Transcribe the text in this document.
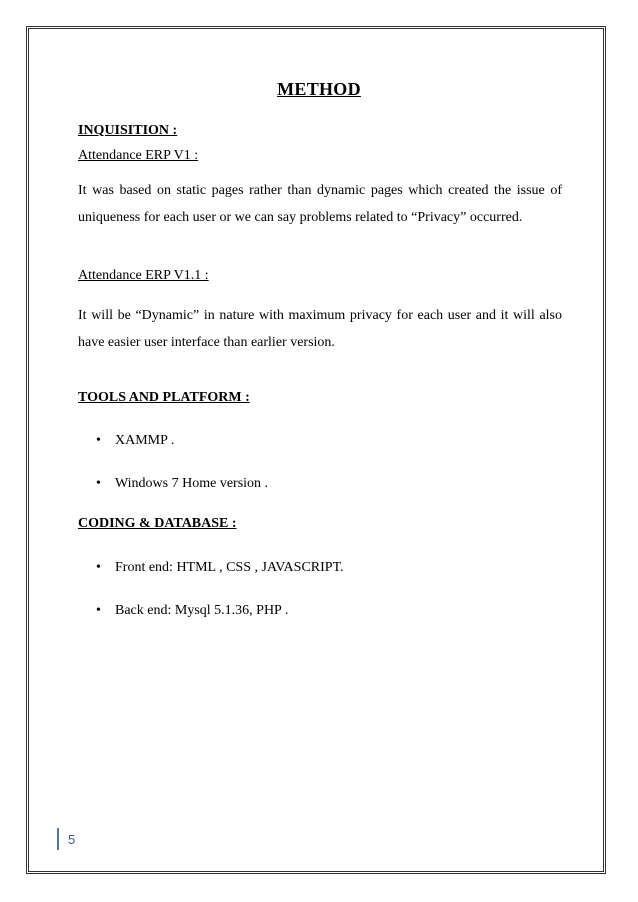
METHOD
INQUISITION :
Attendance ERP V1 :
It was based on static pages rather than dynamic pages which created the issue of uniqueness for each user or we can say problems related to “Privacy” occurred.
Attendance ERP V1.1 :
It will be “Dynamic” in nature with maximum privacy for each user and it will also have easier user interface than earlier version.
TOOLS AND PLATFORM :
• XAMMP .
• Windows 7 Home version .
CODING & DATABASE :
• Front end: HTML , CSS , JAVASCRIPT.
• Back end: Mysql 5.1.36, PHP .
5
